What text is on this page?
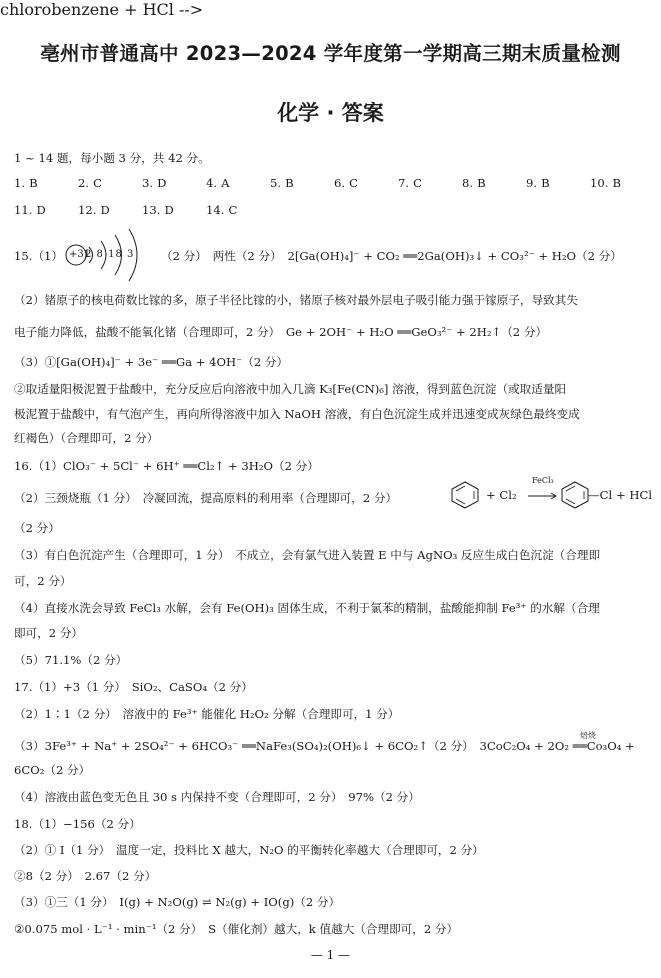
亳州市普通高中 2023—2024 学年度第一学期高三期末质量检测
化学 · 答案
1 ~ 14 题，每小题 3 分，共 42 分。
1. B	2. C	3. D	4. A	5. B	6. C	7. C	8. B	9. B	10. B
11. D	12. D	13. D	14. C
15.（1） +31
2 8 18 3 （2 分）　两性（2 分）　2[Ga(OH)₄]⁻ + CO₂ ══2Ga(OH)₃↓ + CO₃²⁻ + H₂O（2 分）
（2）锗原子的核电荷数比镓的多，原子半径比镓的小，锗原子核对最外层电子吸引能力强于镓原子，导致其失
电子能力降低，盐酸不能氧化锗（合理即可，2 分）　Ge + 2OH⁻ + H₂O ══GeO₃²⁻ + 2H₂↑（2 分）
（3）①[Ga(OH)₄]⁻ + 3e⁻ ══Ga + 4OH⁻（2 分）
②取适量阳极泥置于盐酸中，充分反应后向溶液中加入几滴 K₃[Fe(CN)₆] 溶液，得到蓝色沉淀（或取适量阳
极泥置于盐酸中，有气泡产生，再向所得溶液中加入 NaOH 溶液，有白色沉淀生成并迅速变成灰绿色最终变成
红褐色）（合理即可，2 分）
16.（1）ClO₃⁻ + 5Cl⁻ + 6H⁺ ══Cl₂↑ + 3H₂O（2 分）
（2）三颈烧瓶（1 分）　冷凝回流，提高原料的利用率（合理即可，2 分）
chlorobenzene + HCl -->
+ Cl₂
FeCl₃
—Cl + HCl
（2 分）
（3）有白色沉淀产生（合理即可，1 分）　不成立，会有氯气进入装置 E 中与 AgNO₃ 反应生成白色沉淀（合理即
可，2 分）
（4）直接水洗会导致 FeCl₃ 水解，会有 Fe(OH)₃ 固体生成，不利于氯苯的精制，盐酸能抑制 Fe³⁺ 的水解（合理
即可，2 分）
（5）71.1%（2 分）
17.（1）+3（1 分）　SiO₂、CaSO₄（2 分）
（2）1∶1（2 分）　溶液中的 Fe³⁺ 能催化 H₂O₂ 分解（合理即可，1 分）
（3）3Fe³⁺ + Na⁺ + 2SO₄²⁻ + 6HCO₃⁻ ══NaFe₃(SO₄)₂(OH)₆↓ + 6CO₂↑（2 分）　3CoC₂O₄ + 2O₂ ══Co₃O₄ +
焙烧
6CO₂（2 分）
（4）溶液由蓝色变无色且 30 s 内保持不变（合理即可，2 分）　97%（2 分）
18.（1）−156（2 分）
（2）① Ⅰ（1 分）　温度一定，投料比 X 越大，N₂O 的平衡转化率越大（合理即可，2 分）
②8（2 分）　2.67（2 分）
（3）①三（1 分）　I(g) + N₂O(g) ⇌ N₂(g) + IO(g)（2 分）
②0.075 mol · L⁻¹ · min⁻¹（2 分）　S（催化剂）越大，k 值越大（合理即可，2 分）
— 1 —
